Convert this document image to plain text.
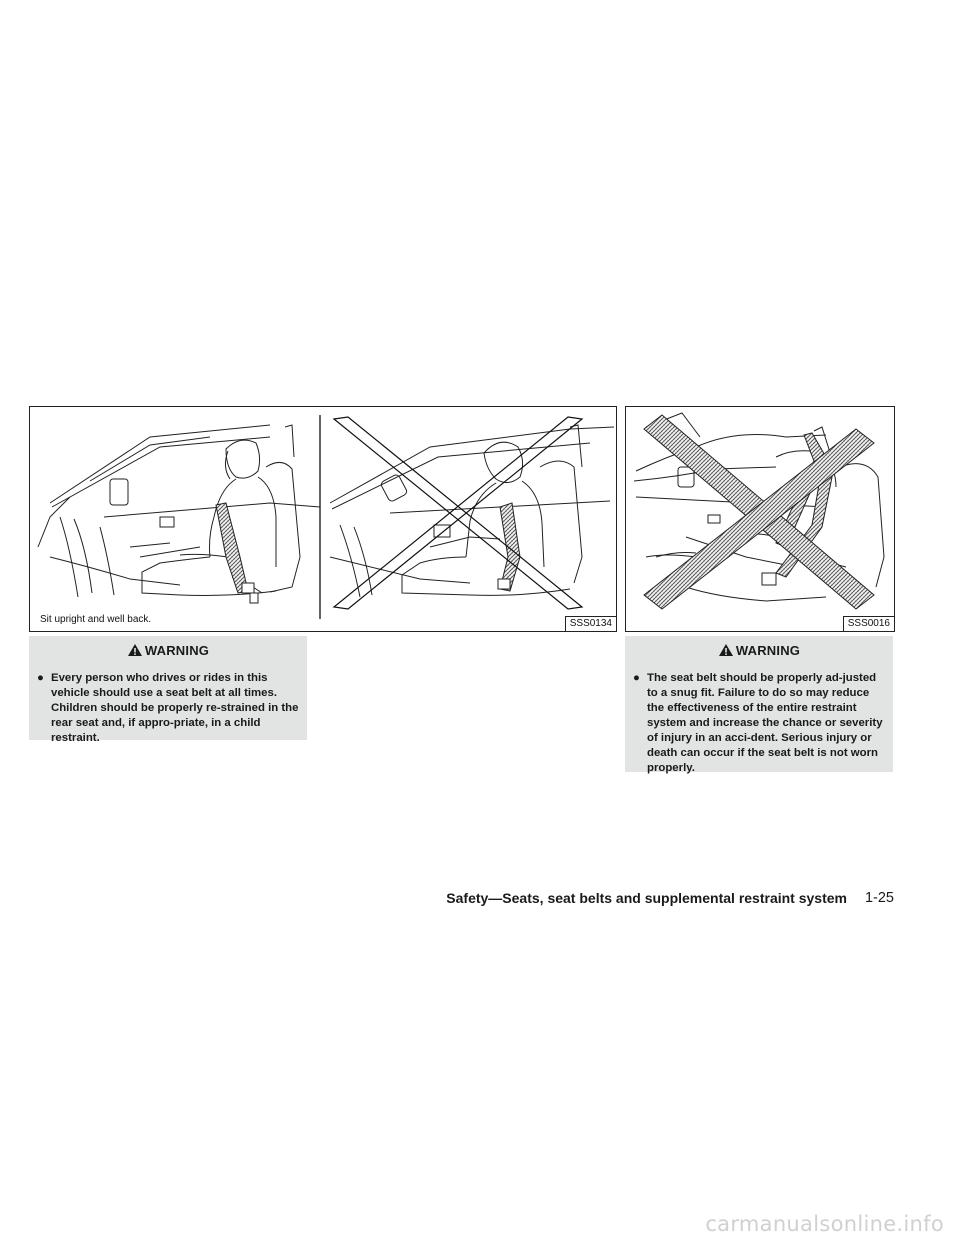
Sit upright and well back.	SSS0134	SSS0016
WARNING
● Every person who drives or rides in this vehicle should use a seat belt at all times. Children should be properly re-strained in the rear seat and, if appro-priate, in a child restraint.
WARNING
● The seat belt should be properly ad-justed to a snug fit. Failure to do so may reduce the effectiveness of the entire restraint system and increase the chance or severity of injury in an acci-dent. Serious injury or death can occur if the seat belt is not worn properly.
Safety—Seats, seat belts and supplemental restraint system 1-25
carmanualsonline.info
